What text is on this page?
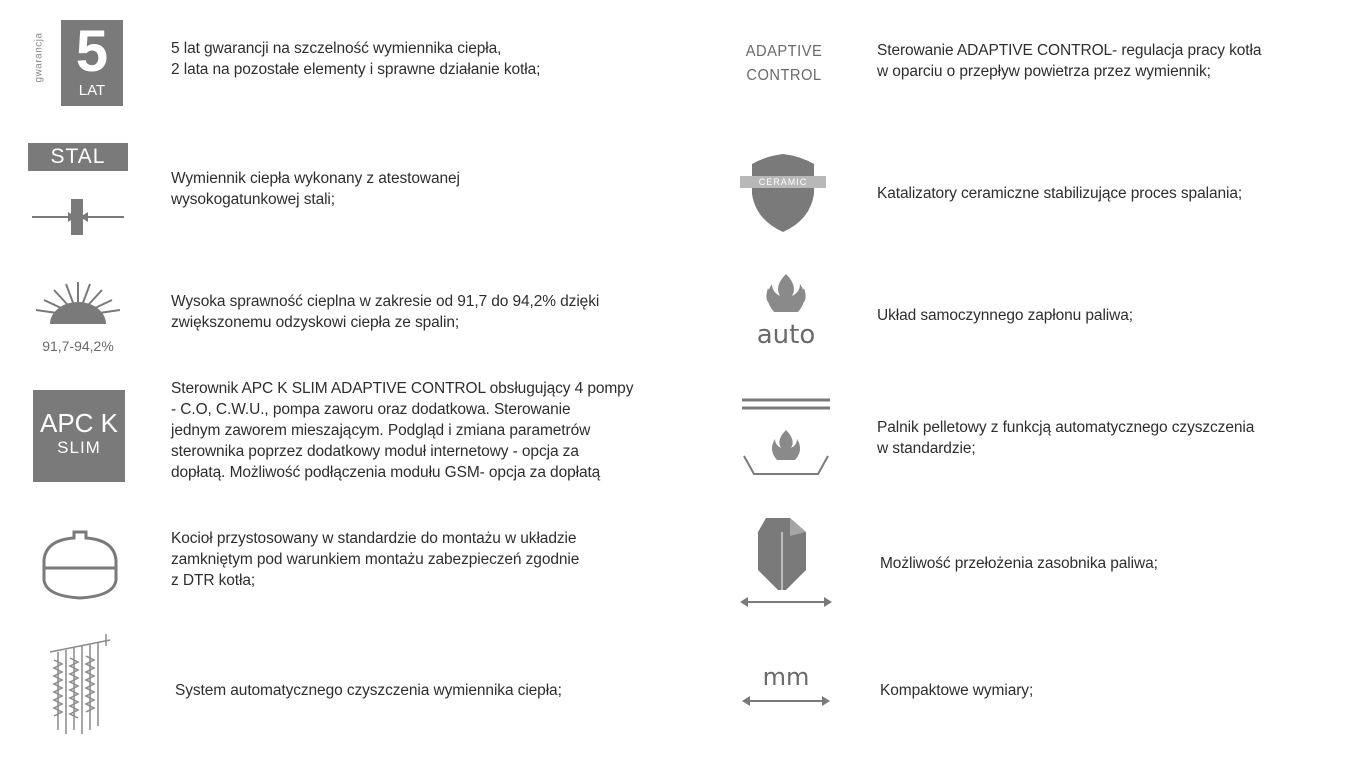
gwarancja 5
LAT
5 lat gwarancji na szczelność wymiennika ciepła,
2 lata na pozostałe elementy i sprawne działanie kotła;
STAL
Wymiennik ciepła wykonany z atestowanej
wysokogatunkowej stali;
91,7-94,2%
Wysoka sprawność cieplna w zakresie od 91,7 do 94,2% dzięki
zwiększonemu odzyskowi ciepła ze spalin;
APC K
SLIM
Sterownik APC K SLIM ADAPTIVE CONTROL obsługujący 4 pompy
- C.O, C.W.U., pompa zaworu oraz dodatkowa. Sterowanie
jednym zaworem mieszającym. Podgląd i zmiana parametrów
sterownika poprzez dodatkowy moduł internetowy - opcja za
dopłatą. Możliwość podłączenia modułu GSM- opcja za dopłatą
Kocioł przystosowany w standardzie do montażu w układzie
zamkniętym pod warunkiem montażu zabezpieczeń zgodnie
z DTR kotła;
System automatycznego czyszczenia wymiennika ciepła;
ADAPTIVE
CONTROL
Sterowanie ADAPTIVE CONTROL- regulacja pracy kotła
w oparciu o przepływ powietrza przez wymiennik;
CERAMIC
Katalizatory ceramiczne stabilizujące proces spalania;
auto
Układ samoczynnego zapłonu paliwa;
Palnik pelletowy z funkcją automatycznego czyszczenia
w standardzie;
Możliwość przełożenia zasobnika paliwa;
mm	Kompaktowe wymiary;
